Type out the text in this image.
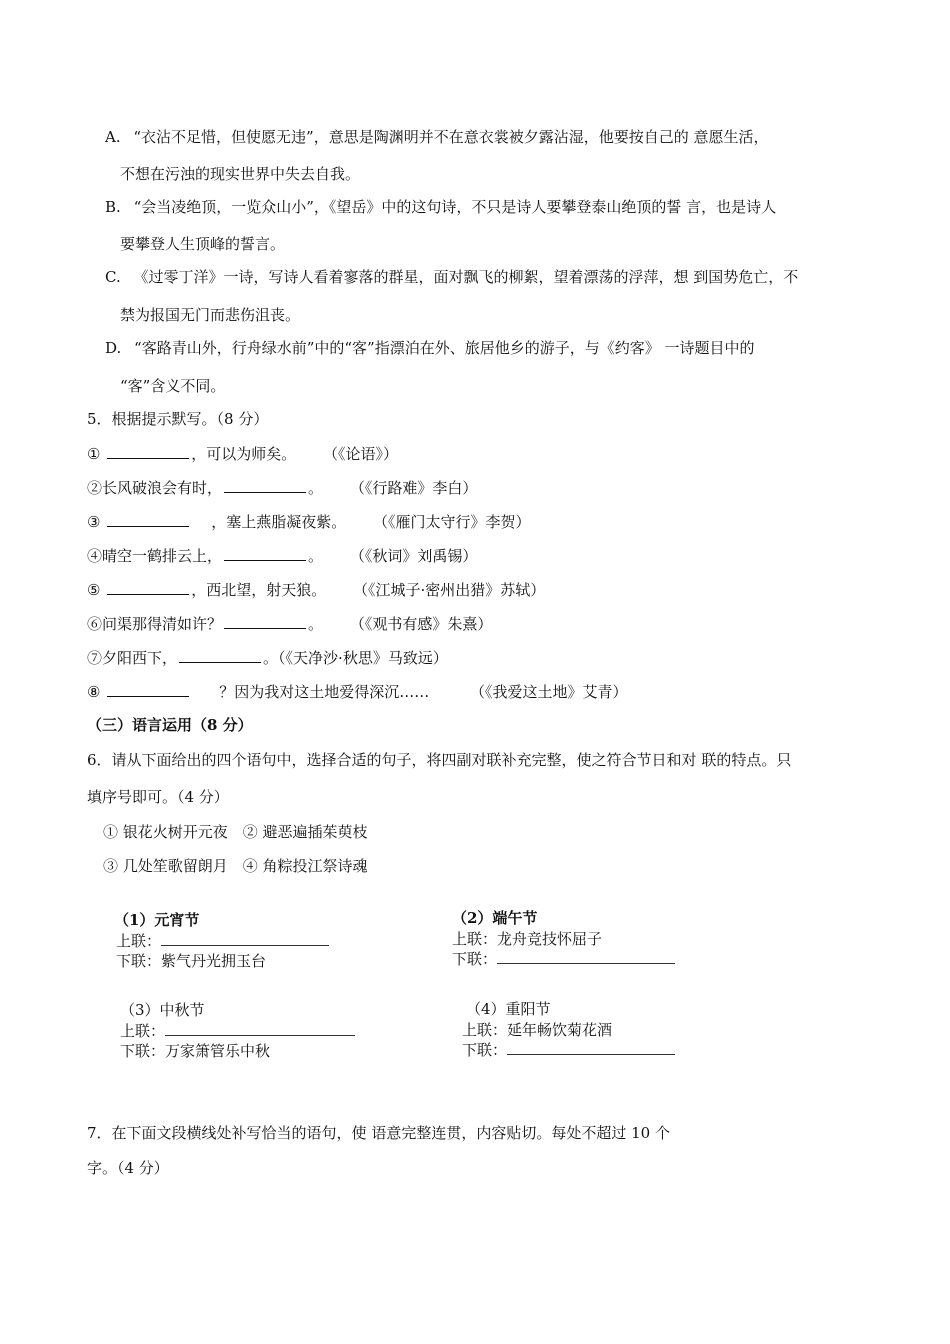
A. “衣沾不足惜，但使愿无违”，意思是陶渊明并不在意衣裳被夕露沾湿，他要按自己的 意愿生活，
不想在污浊的现实世界中失去自我。
B. “会当凌绝顶，一览众山小”，《望岳》中的这句诗，不只是诗人要攀登泰山绝顶的誓 言，也是诗人
要攀登人生顶峰的誓言。
C. 《过零丁洋》一诗，写诗人看着寥落的群星，面对飘飞的柳絮，望着漂荡的浮萍，想 到国势危亡，不
禁为报国无门而悲伤沮丧。
D. “客路青山外，行舟绿水前”中的“客”指漂泊在外、旅居他乡的游子，与《约客》 一诗题目中的
“客”含义不同。
5．根据提示默写。（8 分）
①	，可以为师矣。 （《论语》）
②长风破浪会有时，	。 （《行路难》李白）
③	，塞上燕脂凝夜紫。 （《雁门太守行》李贺）
④晴空一鹤排云上，	。 （《秋词》刘禹锡）
⑤	，西北望，射天狼。 （《江城子·密州出猎》苏轼）
⑥问渠那得清如许？	。 （《观书有感》朱熹）
⑦夕阳西下，	。（《天净沙·秋思》马致远）
⑧	？因为我对这土地爱得深沉……	（《我爱这土地》艾青）
（三）语言运用（8 分）
6．请从下面给出的四个语句中，选择合适的句子，将四副对联补充完整，使之符合节日和对 联的特点。只
填序号即可。（4 分）
① 银花火树开元夜　② 避恶遍插茱萸枝
③ 几处笙歌留朗月　④ 角粽投江祭诗魂
（1）元宵节
上联：
下联：紫气丹光拥玉台
（2）端午节
上联：龙舟竞技怀屈子
下联：
（3）中秋节
上联：
下联：万家箫管乐中秋
（4）重阳节
上联：延年畅饮菊花酒
下联：
7．在下面文段横线处补写恰当的语句，使 语意完整连贯，内容贴切。每处不超过 10 个
字。（4 分）
